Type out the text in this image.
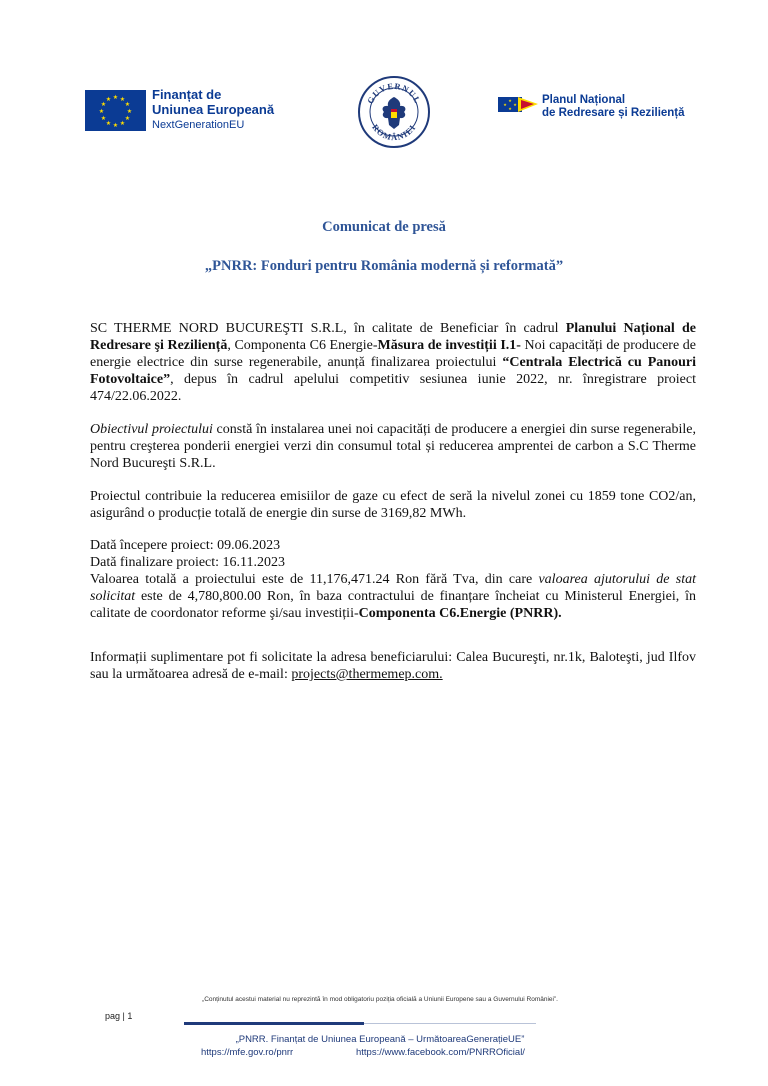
★ ★
★
★
★
★
★
★
★
★
★
★	Finanțat de
Uniunea Europeană
NextGenerationEU
GUVERNUL
ROMÂNIEI
★
★ ★
★
Planul Național
de Redresare și Reziliență
Comunicat de presă
„PNRR: Fonduri pentru România modernă și reformată”
SC THERME NORD BUCUREŞTI S.R.L, în calitate de Beneficiar în cadrul Planului Național de Redresare şi Reziliență, Componenta C6 Energie-Măsura de investiții I.1- Noi capacități de producere de energie electrice din surse regenerabile, anunță finalizarea proiectului “Centrala Electrică cu Panouri Fotovoltaice”, depus în cadrul apelului competitiv sesiunea iunie 2022, nr. înregistrare proiect 474/22.06.2022.
Obiectivul proiectului constă în instalarea unei noi capacități de producere a energiei din surse regenerabile, pentru creşterea ponderii energiei verzi din consumul total și reducerea amprentei de carbon a S.C Therme Nord Bucureşti S.R.L.
Proiectul contribuie la reducerea emisiilor de gaze cu efect de seră la nivelul zonei cu 1859 tone CO2/an, asigurând o producție totală de energie din surse de 3169,82 MWh.
Dată începere proiect: 09.06.2023
Dată finalizare proiect: 16.11.2023
Valoarea totală a proiectului este de 11,176,471.24 Ron fără Tva, din care valoarea ajutorului de stat solicitat este de 4,780,800.00 Ron, în baza contractului de finanțare încheiat cu Ministerul Energiei, în calitate de coordonator reforme şi/sau investiții-Componenta C6.Energie (PNRR).
Informații suplimentare pot fi solicitate la adresa beneficiarului: Calea Bucureşti, nr.1k, Baloteşti, jud Ilfov sau la următoarea adresă de e-mail: projects@thermemep.com.
„Conținutul acestui material nu reprezintă în mod obligatoriu poziția oficială a Uniunii Europene sau a Guvernului României”.
pag | 1
„PNRR. Finanțat de Uniunea Europeană – UrmătoareaGenerațieUE”
https://mfe.gov.ro/pnrr	https://www.facebook.com/PNRROficial/
